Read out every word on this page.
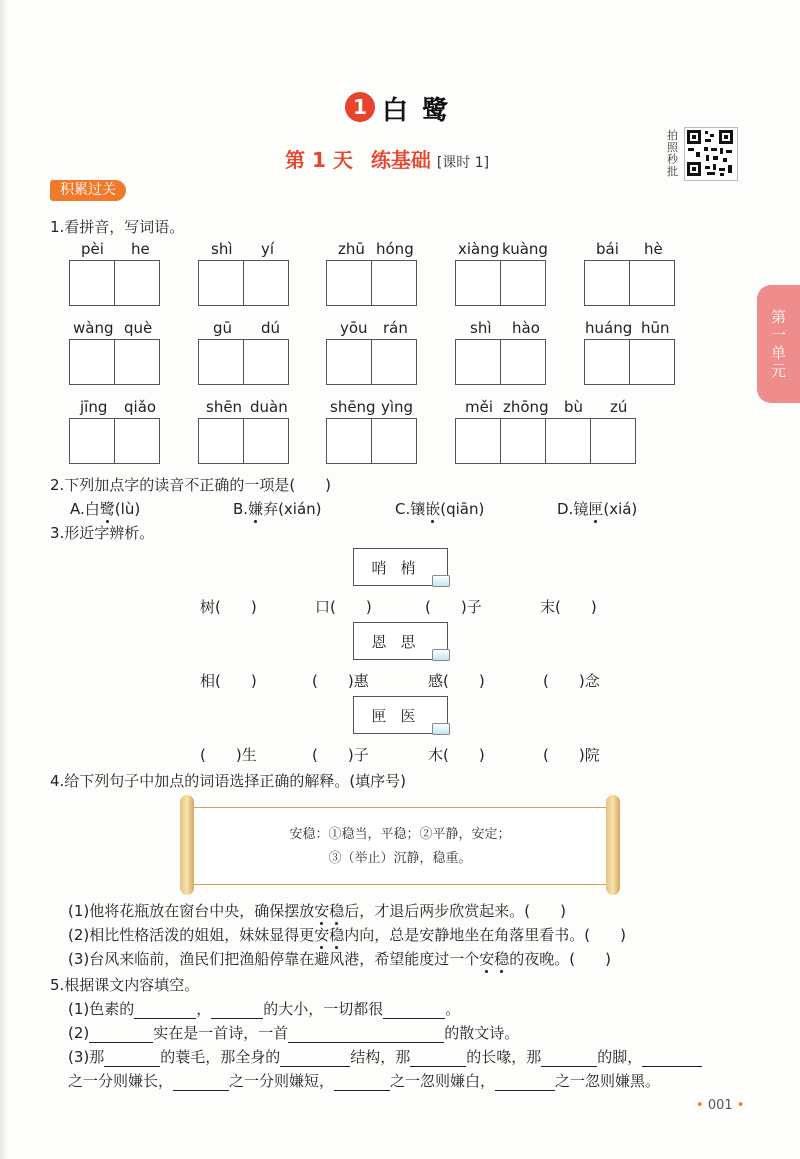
1 白鹭
第 1 天 练基础 [课时 1]
拍照秒批
第一单元
积累过关
1.看拼音，写词语。
pèi he	shì yí	zhū hóng	xiàng kuàng	bái hè
wàng què	gū dú	yōu rán	shì hào	huáng hūn
jīng qiǎo	shēn duàn	shēng yìng	měi zhōng bù zú
2.下列加点字的读音不正确的一项是(　　)
A.白鹭(lù)	B.嫌弃(xián)	C.镶嵌(qiān)	D.镜匣(xiá)
3.形近字辨析。
哨梢
树(　　)	口(　　)	(　　)子	末(　　)
恩思
相(　　)	(　　)惠	感(　　)	(　　)念
匣医
(　　)生	(　　)子	木(　　)	(　　)院
4.给下列句子中加点的词语选择正确的解释。(填序号)
安稳：①稳当，平稳；②平静，安定；
③（举止）沉静，稳重。
(1)他将花瓶放在窗台中央，确保摆放安稳后，才退后两步欣赏起来。(　　)
(2)相比性格活泼的姐姐，妹妹显得更安稳内向，总是安静地坐在角落里看书。(　　)
(3)台风来临前，渔民们把渔船停靠在避风港，希望能度过一个安稳的夜晚。(　　)
5.根据课文内容填空。
(1)色素的	，	的大小，一切都很	。
(2)	实在是一首诗，一首	的散文诗。
(3)那	的蓑毛，那全身的	结构，那	的长喙，那	的脚，
之一分则嫌长，	之一分则嫌短，	之一忽则嫌白，	之一忽则嫌黑。
• 001 •
